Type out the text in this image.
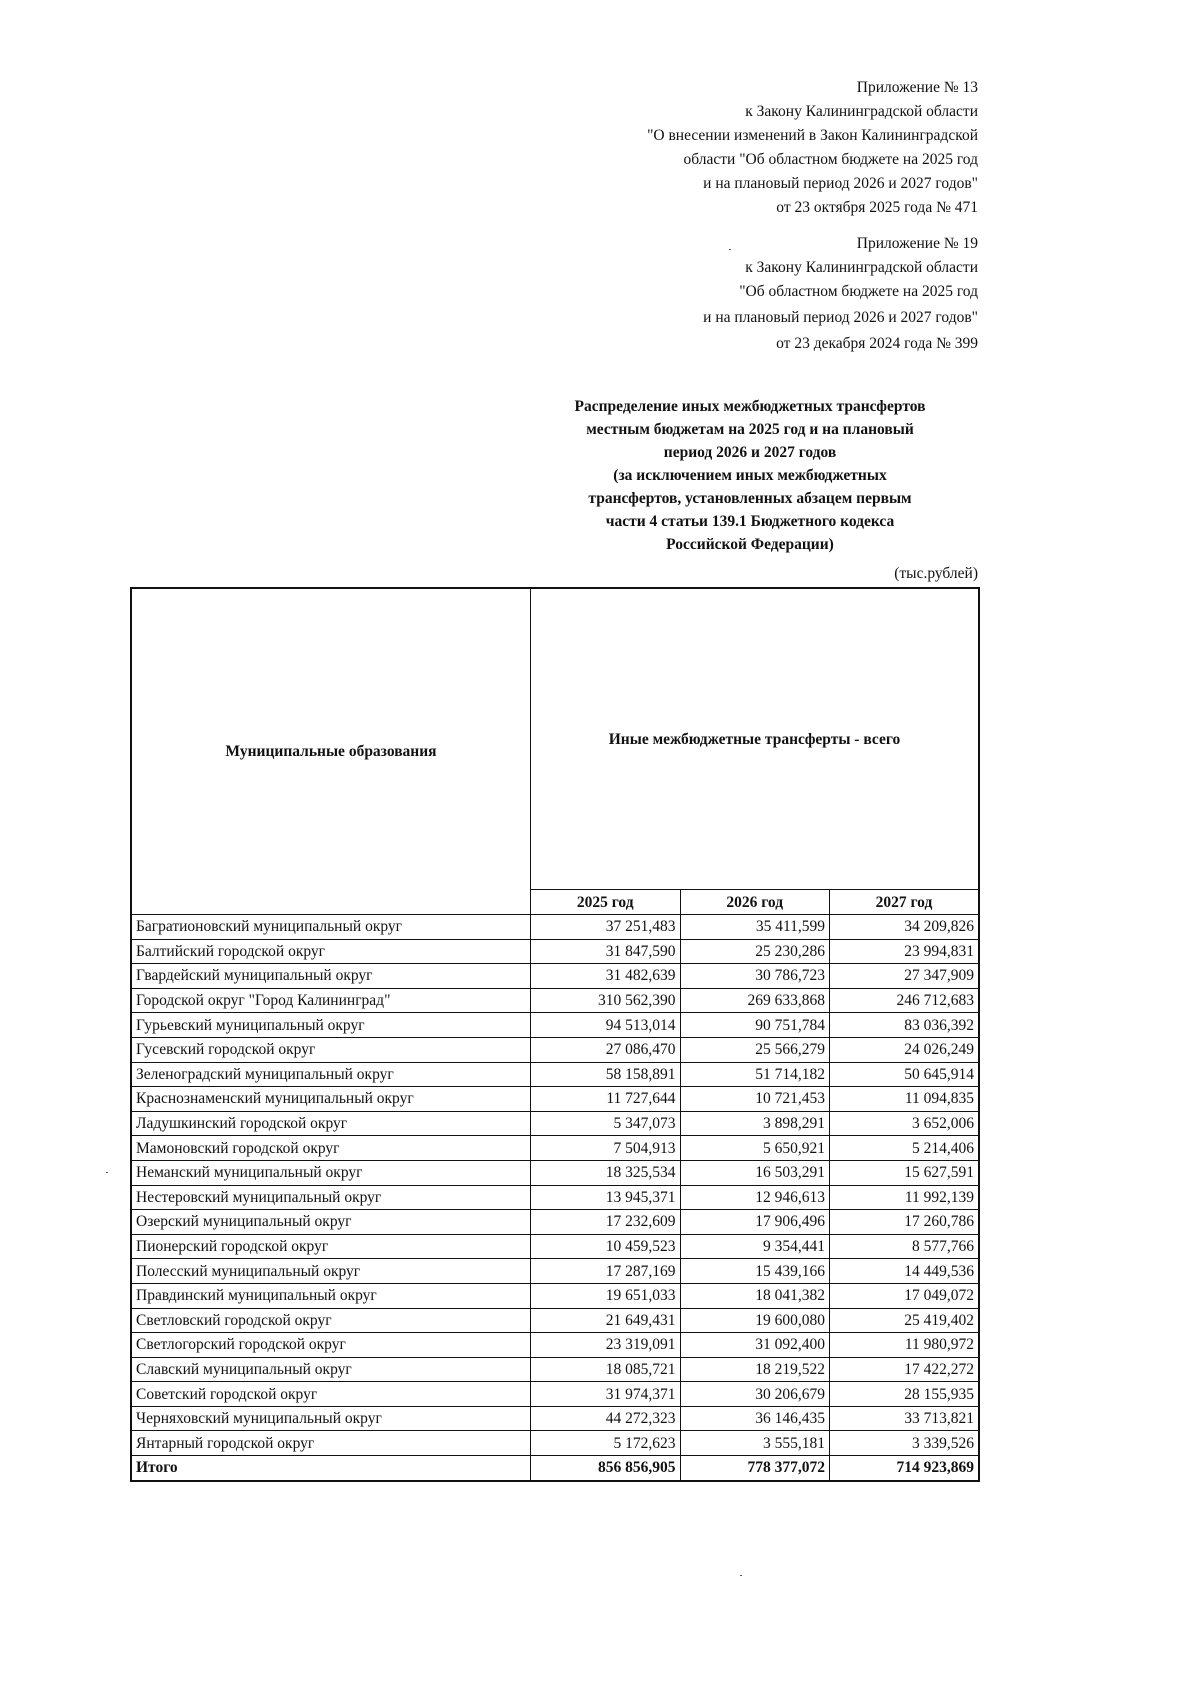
Приложение № 13
к Закону Калининградской области
"О внесении изменений в Закон Калининградской
области "Об областном бюджете на 2025 год
и на плановый период 2026 и 2027 годов"
от 23 октября 2025 года № 471
Приложение № 19
к Закону Калининградской области
"Об областном бюджете на 2025 год
и на плановый период 2026 и 2027 годов"
от 23 декабря 2024 года № 399
Распределение иных межбюджетных трансфертов
местным бюджетам на 2025 год и на плановый
период 2026 и 2027 годов
(за исключением иных межбюджетных
трансфертов, установленных абзацем первым
части 4 статьи 139.1 Бюджетного кодекса
Российской Федерации)
(тыс.рублей)
Муниципальные образования	Иные межбюджетные трансферты - всего		
	2025 год	2026 год	2027 год
Багратионовский муниципальный округ	37 251,483	35 411,599	34 209,826
Балтийский городской округ	31 847,590	25 230,286	23 994,831
Гвардейский муниципальный округ	31 482,639	30 786,723	27 347,909
Городской округ "Город Калининград"	310 562,390	269 633,868	246 712,683
Гурьевский муниципальный округ	94 513,014	90 751,784	83 036,392
Гусевский городской округ	27 086,470	25 566,279	24 026,249
Зеленоградский муниципальный округ	58 158,891	51 714,182	50 645,914
Краснознаменский муниципальный округ	11 727,644	10 721,453	11 094,835
Ладушкинский городской округ	5 347,073	3 898,291	3 652,006
Мамоновский городской округ	7 504,913	5 650,921	5 214,406
Неманский муниципальный округ	18 325,534	16 503,291	15 627,591
Нестеровский муниципальный округ	13 945,371	12 946,613	11 992,139
Озерский муниципальный округ	17 232,609	17 906,496	17 260,786
Пионерский городской округ	10 459,523	9 354,441	8 577,766
Полесский муниципальный округ	17 287,169	15 439,166	14 449,536
Правдинский муниципальный округ	19 651,033	18 041,382	17 049,072
Светловский городской округ	21 649,431	19 600,080	25 419,402
Светлогорский городской округ	23 319,091	31 092,400	11 980,972
Славский муниципальный округ	18 085,721	18 219,522	17 422,272
Советский городской округ	31 974,371	30 206,679	28 155,935
Черняховский муниципальный округ	44 272,323	36 146,435	33 713,821
Янтарный городской округ	5 172,623	3 555,181	3 339,526
Итого	856 856,905	778 377,072	714 923,869
